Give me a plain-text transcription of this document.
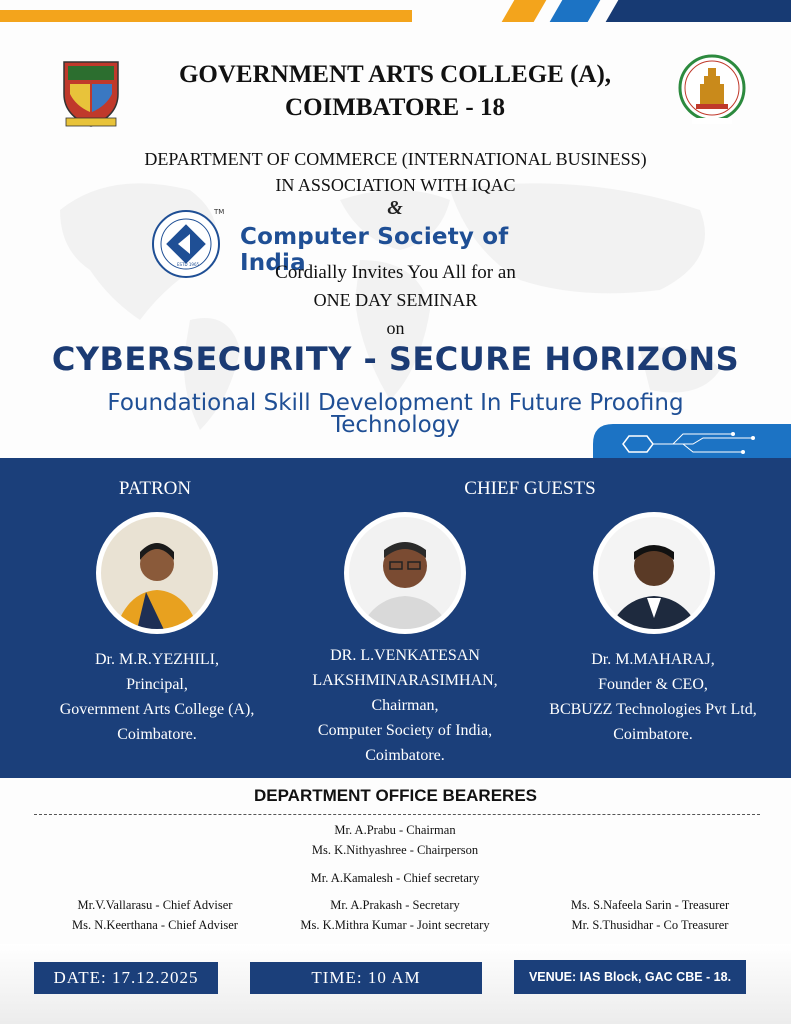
GOVERNMENT ARTS COLLEGE (A),
COIMBATORE - 18
DEPARTMENT OF COMMERCE (INTERNATIONAL BUSINESS)
IN ASSOCIATION WITH IQAC
&
TM
ESTD 1965
Computer Society of India
Cordially Invites You All for an
ONE DAY SEMINAR
on
CYBERSECURITY - SECURE HORIZONS
Foundational Skill Development In Future Proofing
Technology
PATRON	CHIEF GUESTS
Dr. M.R.YEZHILI,
Principal,
Government Arts College (A),
Coimbatore.
DR. L.VENKATESAN
LAKSHMINARASIMHAN,
Chairman,
Computer Society of India,
Coimbatore.
Dr. M.MAHARAJ,
Founder & CEO,
BCBUZZ Technologies Pvt Ltd,
Coimbatore.
DEPARTMENT OFFICE BEARERES
Mr. A.Prabu - Chairman
Ms. K.Nithyashree - Chairperson
Mr. A.Kamalesh - Chief secretary
Mr.V.Vallarasu - Chief Adviser
Ms. N.Keerthana - Chief Adviser
Mr. A.Prakash - Secretary
Ms. K.Mithra Kumar - Joint secretary
Ms. S.Nafeela Sarin - Treasurer
Mr. S.Thusidhar - Co Treasurer
DATE: 17.12.2025	TIME: 10 AM	VENUE: IAS Block, GAC CBE - 18.
